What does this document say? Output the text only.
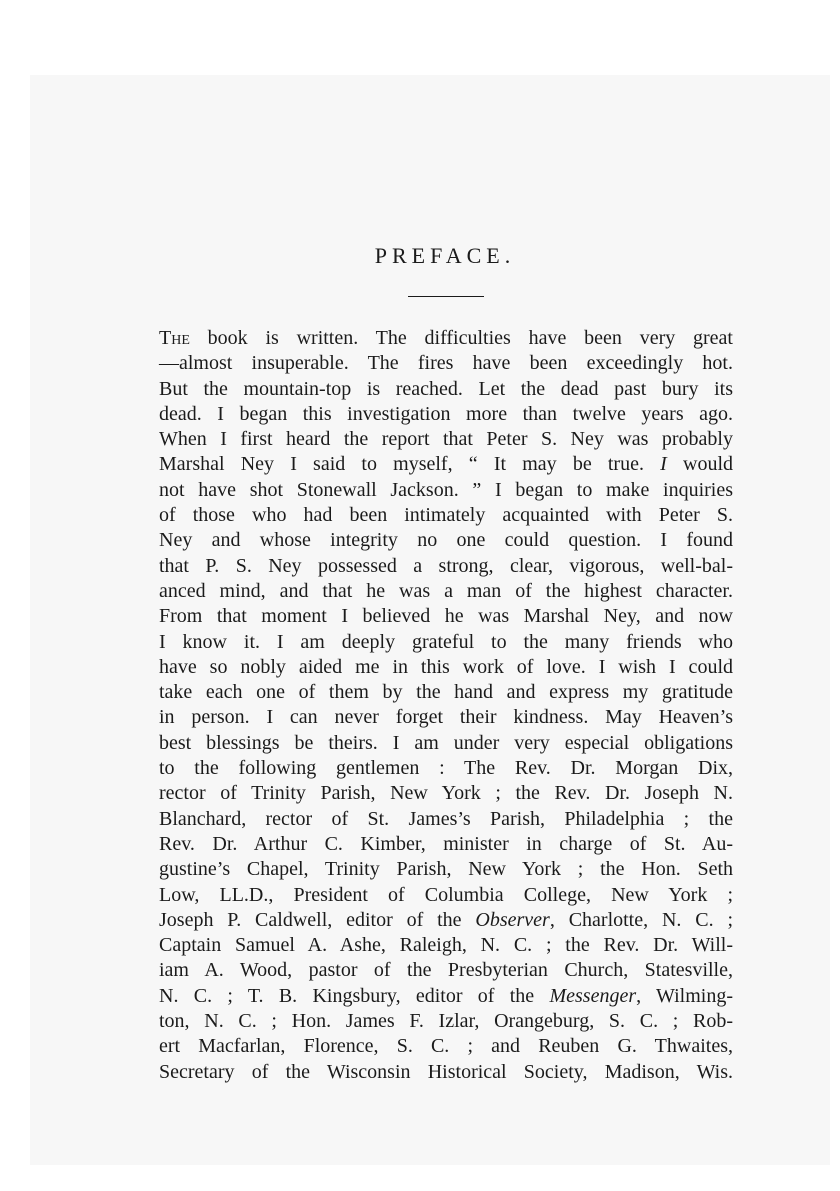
PREFACE.
The book is written. The difficulties have been very great
—almost insuperable. The fires have been exceedingly hot.
But the mountain-top is reached. Let the dead past bury its
dead. I began this investigation more than twelve years ago.
When I first heard the report that Peter S. Ney was probably
Marshal Ney I said to myself, “ It may be true. I would
not have shot Stonewall Jackson. ” I began to make inquiries
of those who had been intimately acquainted with Peter S.
Ney and whose integrity no one could question. I found
that P. S. Ney possessed a strong, clear, vigorous, well-bal-
anced mind, and that he was a man of the highest character.
From that moment I believed he was Marshal Ney, and now
I know it. I am deeply grateful to the many friends who
have so nobly aided me in this work of love. I wish I could
take each one of them by the hand and express my gratitude
in person. I can never forget their kindness. May Heaven’s
best blessings be theirs. I am under very especial obligations
to the following gentlemen : The Rev. Dr. Morgan Dix,
rector of Trinity Parish, New York ; the Rev. Dr. Joseph N.
Blanchard, rector of St. James’s Parish, Philadelphia ; the
Rev. Dr. Arthur C. Kimber, minister in charge of St. Au-
gustine’s Chapel, Trinity Parish, New York ; the Hon. Seth
Low, LL.D., President of Columbia College, New York ;
Joseph P. Caldwell, editor of the Observer, Charlotte, N. C. ;
Captain Samuel A. Ashe, Raleigh, N. C. ; the Rev. Dr. Will-
iam A. Wood, pastor of the Presbyterian Church, Statesville,
N. C. ; T. B. Kingsbury, editor of the Messenger, Wilming-
ton, N. C. ; Hon. James F. Izlar, Orangeburg, S. C. ; Rob-
ert Macfarlan, Florence, S. C. ; and Reuben G. Thwaites,
Secretary of the Wisconsin Historical Society, Madison, Wis.
